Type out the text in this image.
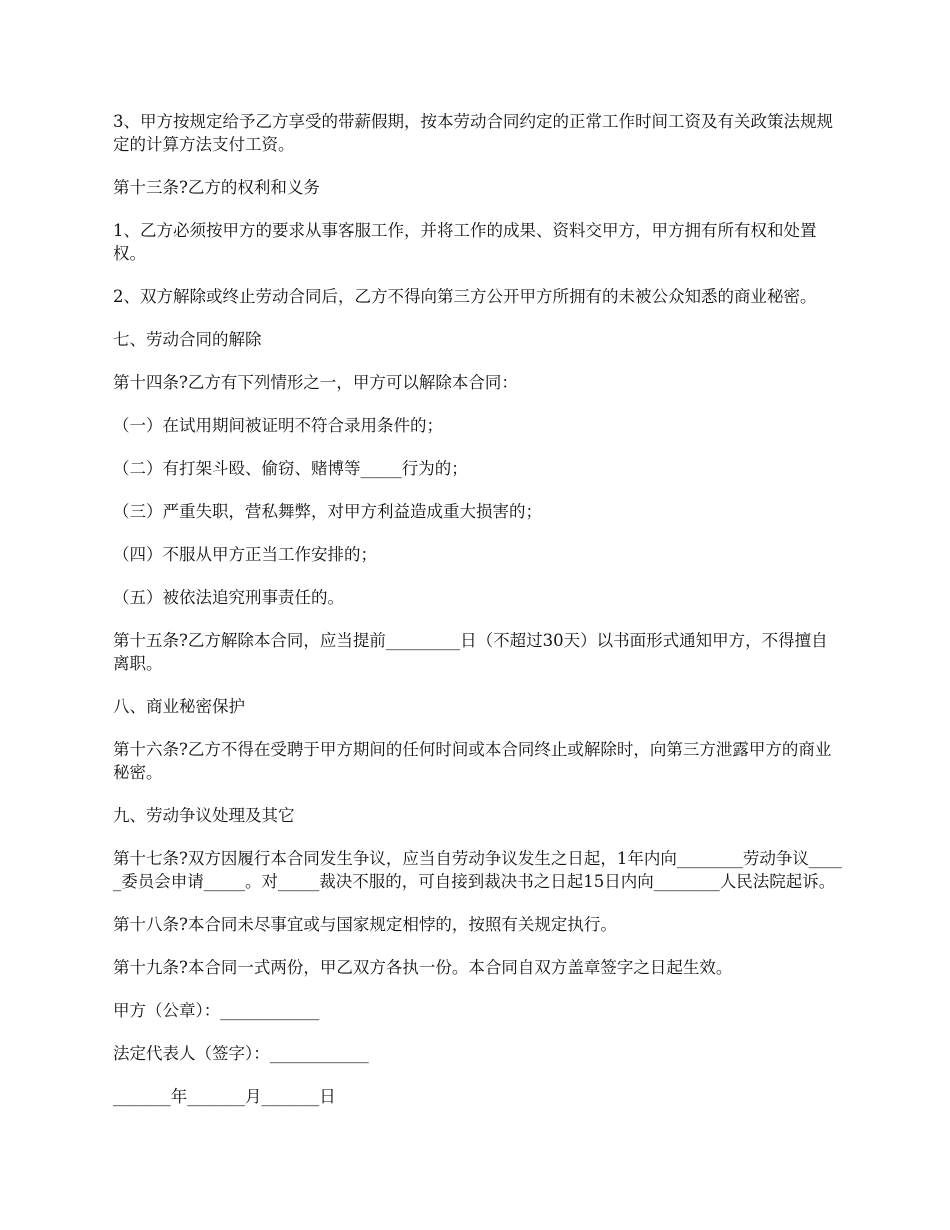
3、甲方按规定给予乙方享受的带薪假期，按本劳动合同约定的正常工作时间工资及有关政策法规规定的计算方法支付工资。

第十三条?乙方的权利和义务

1、乙方必须按甲方的要求从事客服工作，并将工作的成果、资料交甲方，甲方拥有所有权和处置权。

2、双方解除或终止劳动合同后，乙方不得向第三方公开甲方所拥有的未被公众知悉的商业秘密。

七、劳动合同的解除

第十四条?乙方有下列情形之一，甲方可以解除本合同：

（一）在试用期间被证明不符合录用条件的；

（二）有打架斗殴、偷窃、赌博等_____行为的；

（三）严重失职，营私舞弊，对甲方利益造成重大损害的；

（四）不服从甲方正当工作安排的；

（五）被依法追究刑事责任的。

第十五条?乙方解除本合同，应当提前_________日（不超过30天）以书面形式通知甲方，不得擅自离职。

八、商业秘密保护

第十六条?乙方不得在受聘于甲方期间的任何时间或本合同终止或解除时，向第三方泄露甲方的商业秘密。

九、劳动争议处理及其它

第十七条?双方因履行本合同发生争议，应当自劳动争议发生之日起，1年内向________劳动争议_____委员会申请_____。对_____裁决不服的，可自接到裁决书之日起15日内向________人民法院起诉。

第十八条?本合同未尽事宜或与国家规定相悖的，按照有关规定执行。

第十九条?本合同一式两份，甲乙双方各执一份。本合同自双方盖章签字之日起生效。

甲方（公章）：____________

法定代表人（签字）：____________

_______年_______月_______日
